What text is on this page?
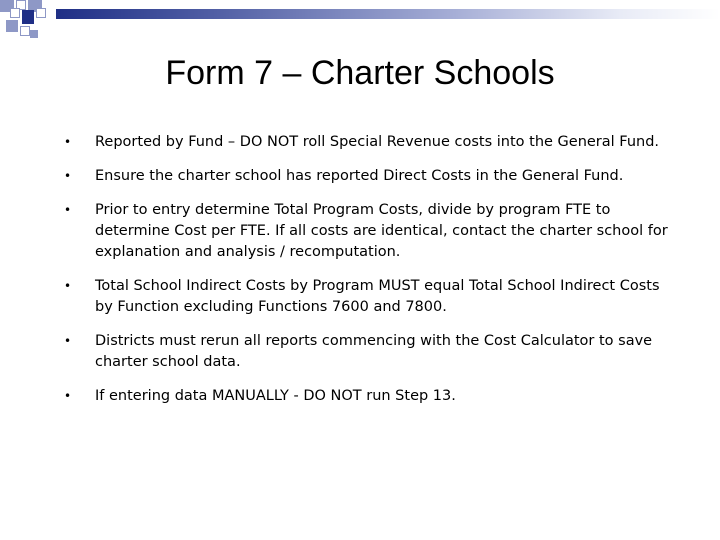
Form 7 – Charter Schools
• Reported by Fund – DO NOT roll Special Revenue costs into the General Fund.
• Ensure the charter school has reported Direct Costs in the General Fund.
• Prior to entry determine Total Program Costs, divide by program FTE to determine Cost per FTE. If all costs are identical, contact the charter school for explanation and analysis / recomputation.
• Total School Indirect Costs by Program MUST equal Total School Indirect Costs by Function excluding Functions 7600 and 7800.
• Districts must rerun all reports commencing with the Cost Calculator to save charter school data.
• If entering data MANUALLY - DO NOT run Step 13.
